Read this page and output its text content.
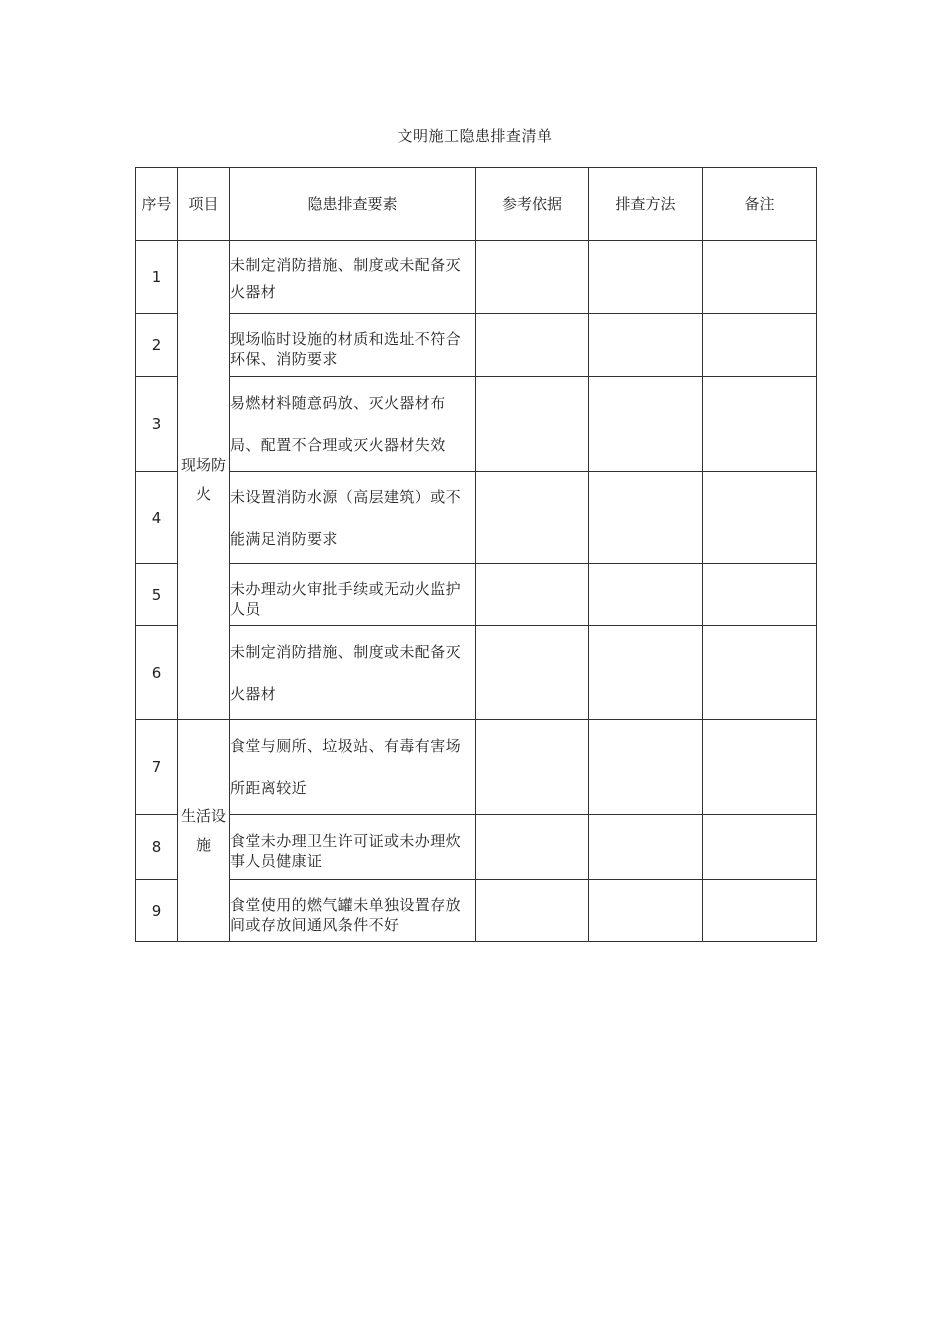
文明施工隐患排查清单
序号	项目	隐患排查要素	参考依据	排查方法	备注
1	现场防火	未制定消防措施、制度或未配备灭火器材			
2		现场临时设施的材质和选址不符合环保、消防要求			
3		易燃材料随意码放、灭火器材布局、配置不合理或灭火器材失效			
4		未设置消防水源（高层建筑）或不能满足消防要求			
5		未办理动火审批手续或无动火监护人员			
6		未制定消防措施、制度或未配备灭火器材			
7	生活设施	食堂与厕所、垃圾站、有毒有害场所距离较近			
8		食堂未办理卫生许可证或未办理炊事人员健康证			
9		食堂使用的燃气罐未单独设置存放间或存放间通风条件不好			
